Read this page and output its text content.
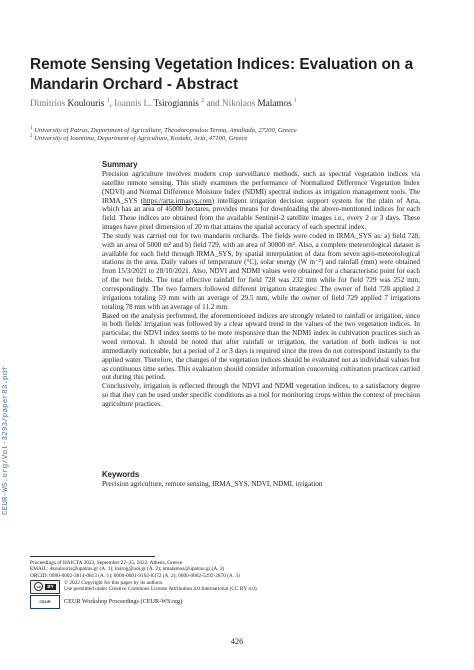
CEUR-WS.org/Vol-3293/paper83.pdf
Remote Sensing Vegetation Indices: Evaluation on a Mandarin Orchard - Abstract
Dimitrios Koulouris $^1$, Ioannis L. Tsirogiannis $^2$ and Nikolaos Malamos $^1$
$^1$ University of Patras, Department of Agriculture, Theodoropoulou Terma, Amaliada, 27200, Greece
$^2$ University of Ioannina, Department of Agriculture, Kostaki, Arta, 47100, Greece
Summary

Precision agriculture involves modern crop surveillance methods, such as spectral vegetation indices via satellite remote sensing. This study examines the performance of Normalized Difference Vegetation Index (NDVI) and Normal Difference Moisture Index (NDMI) spectral indices as irrigation management tools. The IRMA_SYS (https://arta.irmasys.com) intelligent irrigation decision support system for the plain of Arta, which has an area of 45000 hectares, provides means for downloading the above-mentioned indices for each field. These indices are obtained from the available Sentinel-2 satellite images i.e., every 2 or 3 days. These images have pixel dimension of 20 m that attains the spatial accuracy of each spectral index.

The study was carried out for two mandarin orchards. The fields were coded in IRMA_SYS as: a) field 728, with an area of 5000 m² and b) field 729, with an area of 30000 m². Also, a complete meteorological dataset is available for each field through IRMA_SYS, by spatial interpolation of data from seven agro-meteorological stations in the area. Daily values of temperature (°C), solar energy (W m⁻²) and rainfall (mm) were obtained from 15/3/2021 to 28/10/2021. Also, NDVI and NDMI values were obtained for a characteristic point for each of the two fields. The total effective rainfall for field 728 was 232 mm while for field 729 was 252 mm, correspondingly. The two farmers followed different irrigation strategies: The owner of field 728 applied 2 irrigations totaling 59 mm with an average of 29.5 mm, while the owner of field 729 applied 7 irrigations totaling 78 mm with an average of 11.2 mm.

Based on the analysis performed, the aforementioned indices are strongly related to rainfall or irrigation, since in both fields' irrigation was followed by a clear upward trend in the values of the two vegetation indices. In particular, the NDVI index seems to be more responsive than the NDMI index in cultivation practices such as weed removal. It should be noted that after rainfall or irrigation, the variation of both indices is not immediately noticeable, but a period of 2 or 3 days is required since the trees do not correspond instantly to the applied water. Therefore, the changes of the vegetation indices should be evaluated not as individual values but as continuous time series. This evaluation should consider information concerning cultivation practices carried out during this period.

Conclusively, irrigation is reflected through the NDVI and NDMI vegetation indices, to a satisfactory degree so that they can be used under specific conditions as a tool for monitoring crops within the context of precision agriculture practices.

Keywords
Precision agriculture, remote sensing, IRMA_SYS, NDVI, NDMI, irrigation
Proceedings of HAICTA 2022, September 22–25, 2022, Athens, Greece
EMAIL: dkoulouris@upatras.gr (A. 1); itsirog@uoi.gr (A. 2); nmalamos@upatras.gr (A. 3)
ORCID: 0000-0002-3814-0813 (A. 1); 0000-0001-9102-8372 (A. 2); 0000-0002-5292-2870 (A. 3)
cc	BY
© 2022 Copyright for this paper by its authors.
Use permitted under Creative Commons License Attribution 4.0 International (CC BY 4.0).
CEUR	CEUR Workshop Proceedings (CEUR-WS.org)
426
